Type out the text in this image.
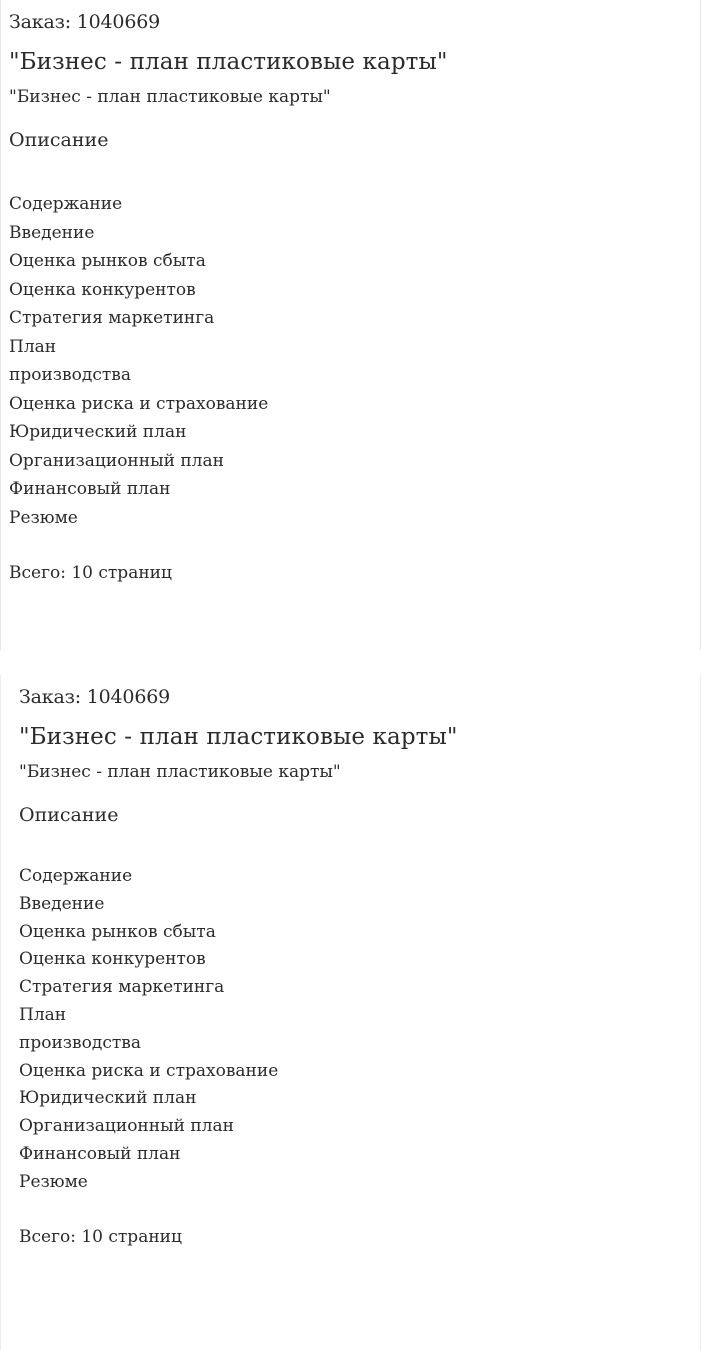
Заказ: 1040669
"Бизнес - план пластиковые карты"
"Бизнес - план пластиковые карты"
Описание
Содержание
Введение
Оценка рынков сбыта
Оценка конкурентов
Стратегия маркетинга
План
производства
Оценка риска и страхование
Юридический план
Организационный план
Финансовый план
Резюме
Всего: 10 страниц
Заказ: 1040669
"Бизнес - план пластиковые карты"
"Бизнес - план пластиковые карты"
Описание
Содержание
Введение
Оценка рынков сбыта
Оценка конкурентов
Стратегия маркетинга
План
производства
Оценка риска и страхование
Юридический план
Организационный план
Финансовый план
Резюме
Всего: 10 страниц
